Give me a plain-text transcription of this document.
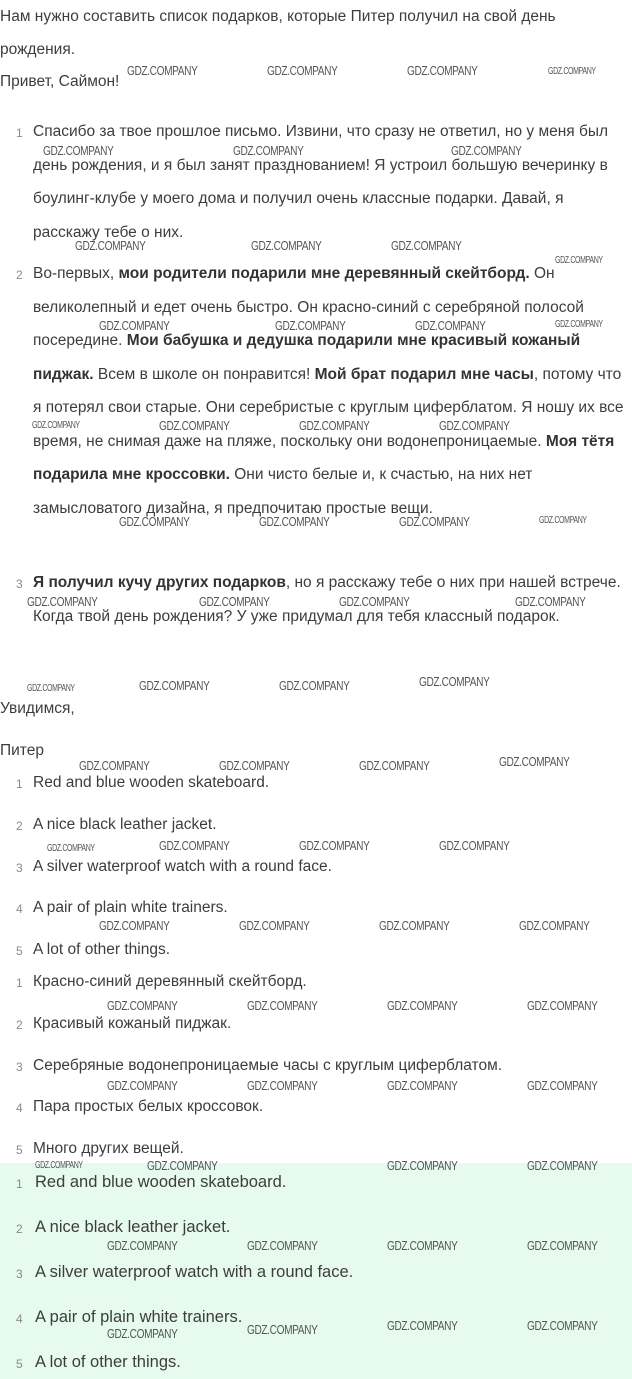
Нам нужно составить список подарков, которые Питер получил на свой день
рождения.
Привет, Саймон!
1 Спасибо за твое прошлое письмо. Извини, что сразу не ответил, но у меня был день рождения, и я был занят празднованием! Я устроил большую вечеринку в боулинг-клубе у моего дома и получил очень классные подарки. Давай, я расскажу тебе о них.
2 Во-первых, мои родители подарили мне деревянный скейтборд. Он великолепный и едет очень быстро. Он красно-синий с серебряной полосой посередине. Мои бабушка и дедушка подарили мне красивый кожаный пиджак. Всем в школе он понравится! Мой брат подарил мне часы, потому что я потерял свои старые. Они серебристые с круглым циферблатом. Я ношу их все время, не снимая даже на пляже, поскольку они водонепроницаемые. Моя тётя подарила мне кроссовки. Они чисто белые и, к счастью, на них нет замысловатого дизайна, я предпочитаю простые вещи.
3 Я получил кучу других подарков, но я расскажу тебе о них при нашей встрече. Когда твой день рождения? У уже придумал для тебя классный подарок.
Увидимся,
Питер
1 Red and blue wooden skateboard.
2 A nice black leather jacket.
3 A silver waterproof watch with a round face.
4 A pair of plain white trainers.
5 A lot of other things.
1 Красно-синий деревянный скейтборд.
2 Красивый кожаный пиджак.
3 Серебряные водонепроницаемые часы с круглым циферблатом.
4 Пара простых белых кроссовок.
5 Много других вещей.
1 Red and blue wooden skateboard.
2 A nice black leather jacket.
3 A silver waterproof watch with a round face.
4 A pair of plain white trainers.
5 A lot of other things.
GDZ.COMPANY	GDZ.COMPANY	GDZ.COMPANY	GDZ.COMPANY
GDZ.COMPANY	GDZ.COMPANY	GDZ.COMPANY
GDZ.COMPANY	GDZ.COMPANY	GDZ.COMPANY
GDZ.COMPANY
GDZ.COMPANY	GDZ.COMPANY	GDZ.COMPANY	GDZ.COMPANY
GDZ.COMPANY	GDZ.COMPANY	GDZ.COMPANY	GDZ.COMPANY
GDZ.COMPANY	GDZ.COMPANY	GDZ.COMPANY	GDZ.COMPANY
GDZ.COMPANY	GDZ.COMPANY	GDZ.COMPANY	GDZ.COMPANY
GDZ.COMPANY	GDZ.COMPANY	GDZ.COMPANY	GDZ.COMPANY
GDZ.COMPANY	GDZ.COMPANY	GDZ.COMPANY	GDZ.COMPANY
GDZ.COMPANY	GDZ.COMPANY	GDZ.COMPANY	GDZ.COMPANY
GDZ.COMPANY	GDZ.COMPANY	GDZ.COMPANY	GDZ.COMPANY
GDZ.COMPANY	GDZ.COMPANY	GDZ.COMPANY	GDZ.COMPANY
GDZ.COMPANY	GDZ.COMPANY	GDZ.COMPANY	GDZ.COMPANY
GDZ.COMPANY	GDZ.COMPANY	GDZ.COMPANY	GDZ.COMPANY
GDZ.COMPANY	GDZ.COMPANY	GDZ.COMPANY	GDZ.COMPANY
GDZ.COMPANY	GDZ.COMPANY	GDZ.COMPANY	GDZ.COMPANY
